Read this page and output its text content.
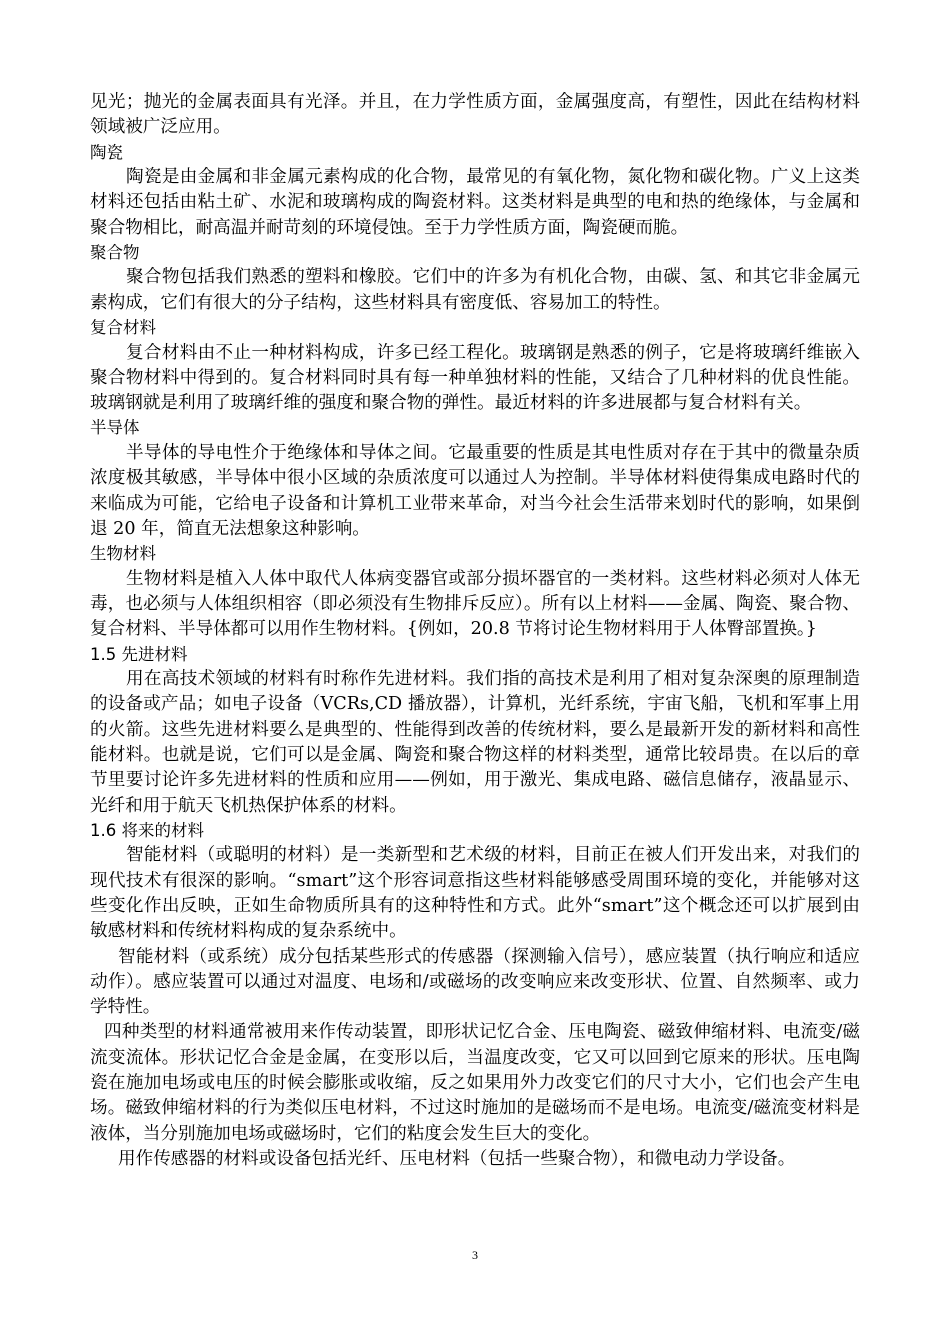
见光；抛光的金属表面具有光泽。并且，在力学性质方面，金属强度高，有塑性，因此在结构材料领域被广泛应用。

陶瓷

陶瓷是由金属和非金属元素构成的化合物，最常见的有氧化物，氮化物和碳化物。广义上这类材料还包括由粘土矿、水泥和玻璃构成的陶瓷材料。这类材料是典型的电和热的绝缘体，与金属和聚合物相比，耐高温并耐苛刻的环境侵蚀。至于力学性质方面，陶瓷硬而脆。

聚合物

聚合物包括我们熟悉的塑料和橡胶。它们中的许多为有机化合物，由碳、氢、和其它非金属元素构成，它们有很大的分子结构，这些材料具有密度低、容易加工的特性。

复合材料

复合材料由不止一种材料构成，许多已经工程化。玻璃钢是熟悉的例子，它是将玻璃纤维嵌入聚合物材料中得到的。复合材料同时具有每一种单独材料的性能，又结合了几种材料的优良性能。玻璃钢就是利用了玻璃纤维的强度和聚合物的弹性。最近材料的许多进展都与复合材料有关。

半导体

半导体的导电性介于绝缘体和导体之间。它最重要的性质是其电性质对存在于其中的微量杂质浓度极其敏感，半导体中很小区域的杂质浓度可以通过人为控制。半导体材料使得集成电路时代的来临成为可能，它给电子设备和计算机工业带来革命，对当今社会生活带来划时代的影响，如果倒退 20 年，简直无法想象这种影响。

生物材料

生物材料是植入人体中取代人体病变器官或部分损坏器官的一类材料。这些材料必须对人体无毒，也必须与人体组织相容（即必须没有生物排斥反应）。所有以上材料——金属、陶瓷、聚合物、复合材料、半导体都可以用作生物材料。{例如，20.8 节将讨论生物材料用于人体臀部置换。}

1.5 先进材料

用在高技术领域的材料有时称作先进材料。我们指的高技术是利用了相对复杂深奥的原理制造的设备或产品；如电子设备（VCRs,CD 播放器），计算机，光纤系统，宇宙飞船，飞机和军事上用的火箭。这些先进材料要么是典型的、性能得到改善的传统材料，要么是最新开发的新材料和高性能材料。也就是说，它们可以是金属、陶瓷和聚合物这样的材料类型，通常比较昂贵。在以后的章节里要讨论许多先进材料的性质和应用——例如，用于激光、集成电路、磁信息储存，液晶显示、光纤和用于航天飞机热保护体系的材料。

1.6 将来的材料

智能材料（或聪明的材料）是一类新型和艺术级的材料，目前正在被人们开发出来，对我们的现代技术有很深的影响。“smart”这个形容词意指这些材料能够感受周围环境的变化，并能够对这些变化作出反映，正如生命物质所具有的这种特性和方式。此外“smart”这个概念还可以扩展到由敏感材料和传统材料构成的复杂系统中。

智能材料（或系统）成分包括某些形式的传感器（探测输入信号），感应装置（执行响应和适应动作）。感应装置可以通过对温度、电场和/或磁场的改变响应来改变形状、位置、自然频率、或力学特性。

四种类型的材料通常被用来作传动装置，即形状记忆合金、压电陶瓷、磁致伸缩材料、电流变/磁流变流体。形状记忆合金是金属，在变形以后，当温度改变，它又可以回到它原来的形状。压电陶瓷在施加电场或电压的时候会膨胀或收缩，反之如果用外力改变它们的尺寸大小，它们也会产生电场。磁致伸缩材料的行为类似压电材料，不过这时施加的是磁场而不是电场。电流变/磁流变材料是液体，当分别施加电场或磁场时，它们的粘度会发生巨大的变化。

用作传感器的材料或设备包括光纤、压电材料（包括一些聚合物），和微电动力学设备。

3
